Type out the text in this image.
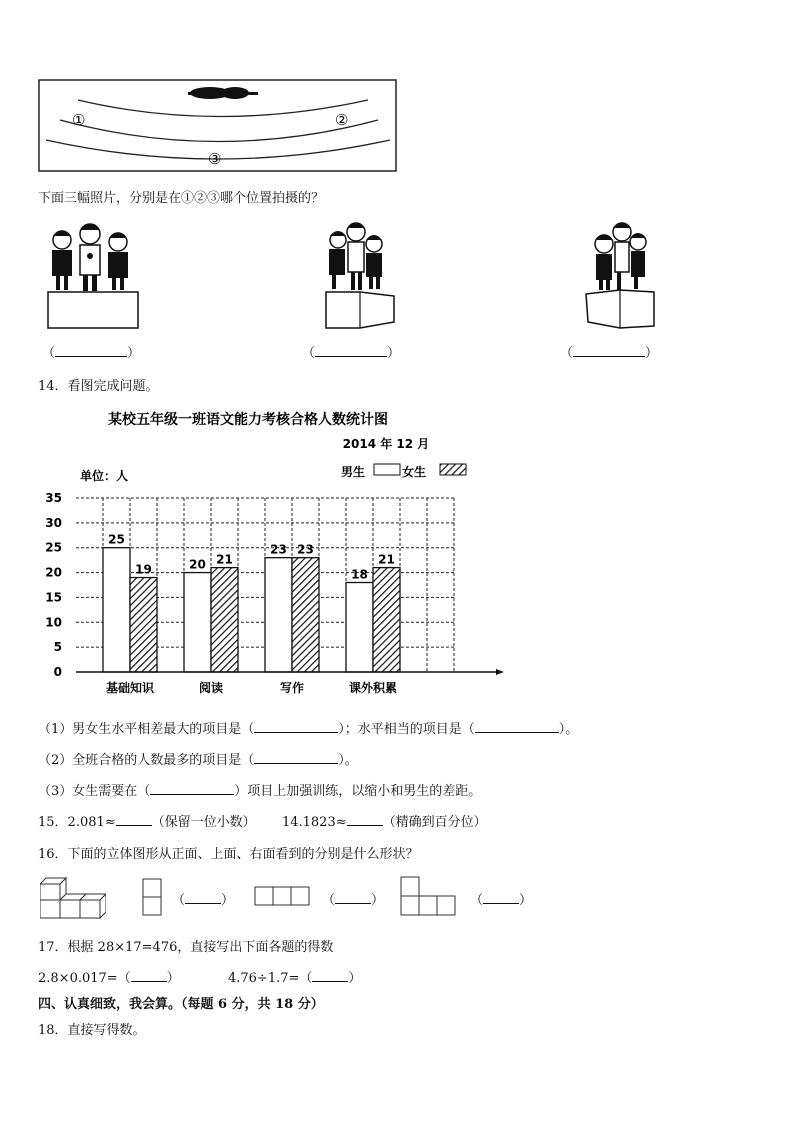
①	②
③
下面三幅照片，分别是在①②③哪个位置拍摄的？
（	）	（	）	（	）
14．看图完成问题。
某校五年级一班语文能力考核合格人数统计图
2014 年 12 月
单位：人	男生	女生
25
19	20 21
23 23
18
21
0
5
10
15
20
25
30
35
基础知识	阅读	写作	课外积累
（1）男女生水平相差最大的项目是（	）；水平相当的项目是（	）。
（2）全班合格的人数最多的项目是（	）。
（3）女生需要在（	）项目上加强训练，以缩小和男生的差距。
15．2.081≈	（保留一位小数） 14.1823≈	（精确到百分位）
16．下面的立体图形从正面、上面、右面看到的分别是什么形状？
（	）	（	）	（	）
17．根据 28×17=476，直接写出下面各题的得数
2.8×0.017=（	）	4.76÷1.7=（	）
四、认真细致，我会算。（每题 6 分，共 18 分）
18．直接写得数。
